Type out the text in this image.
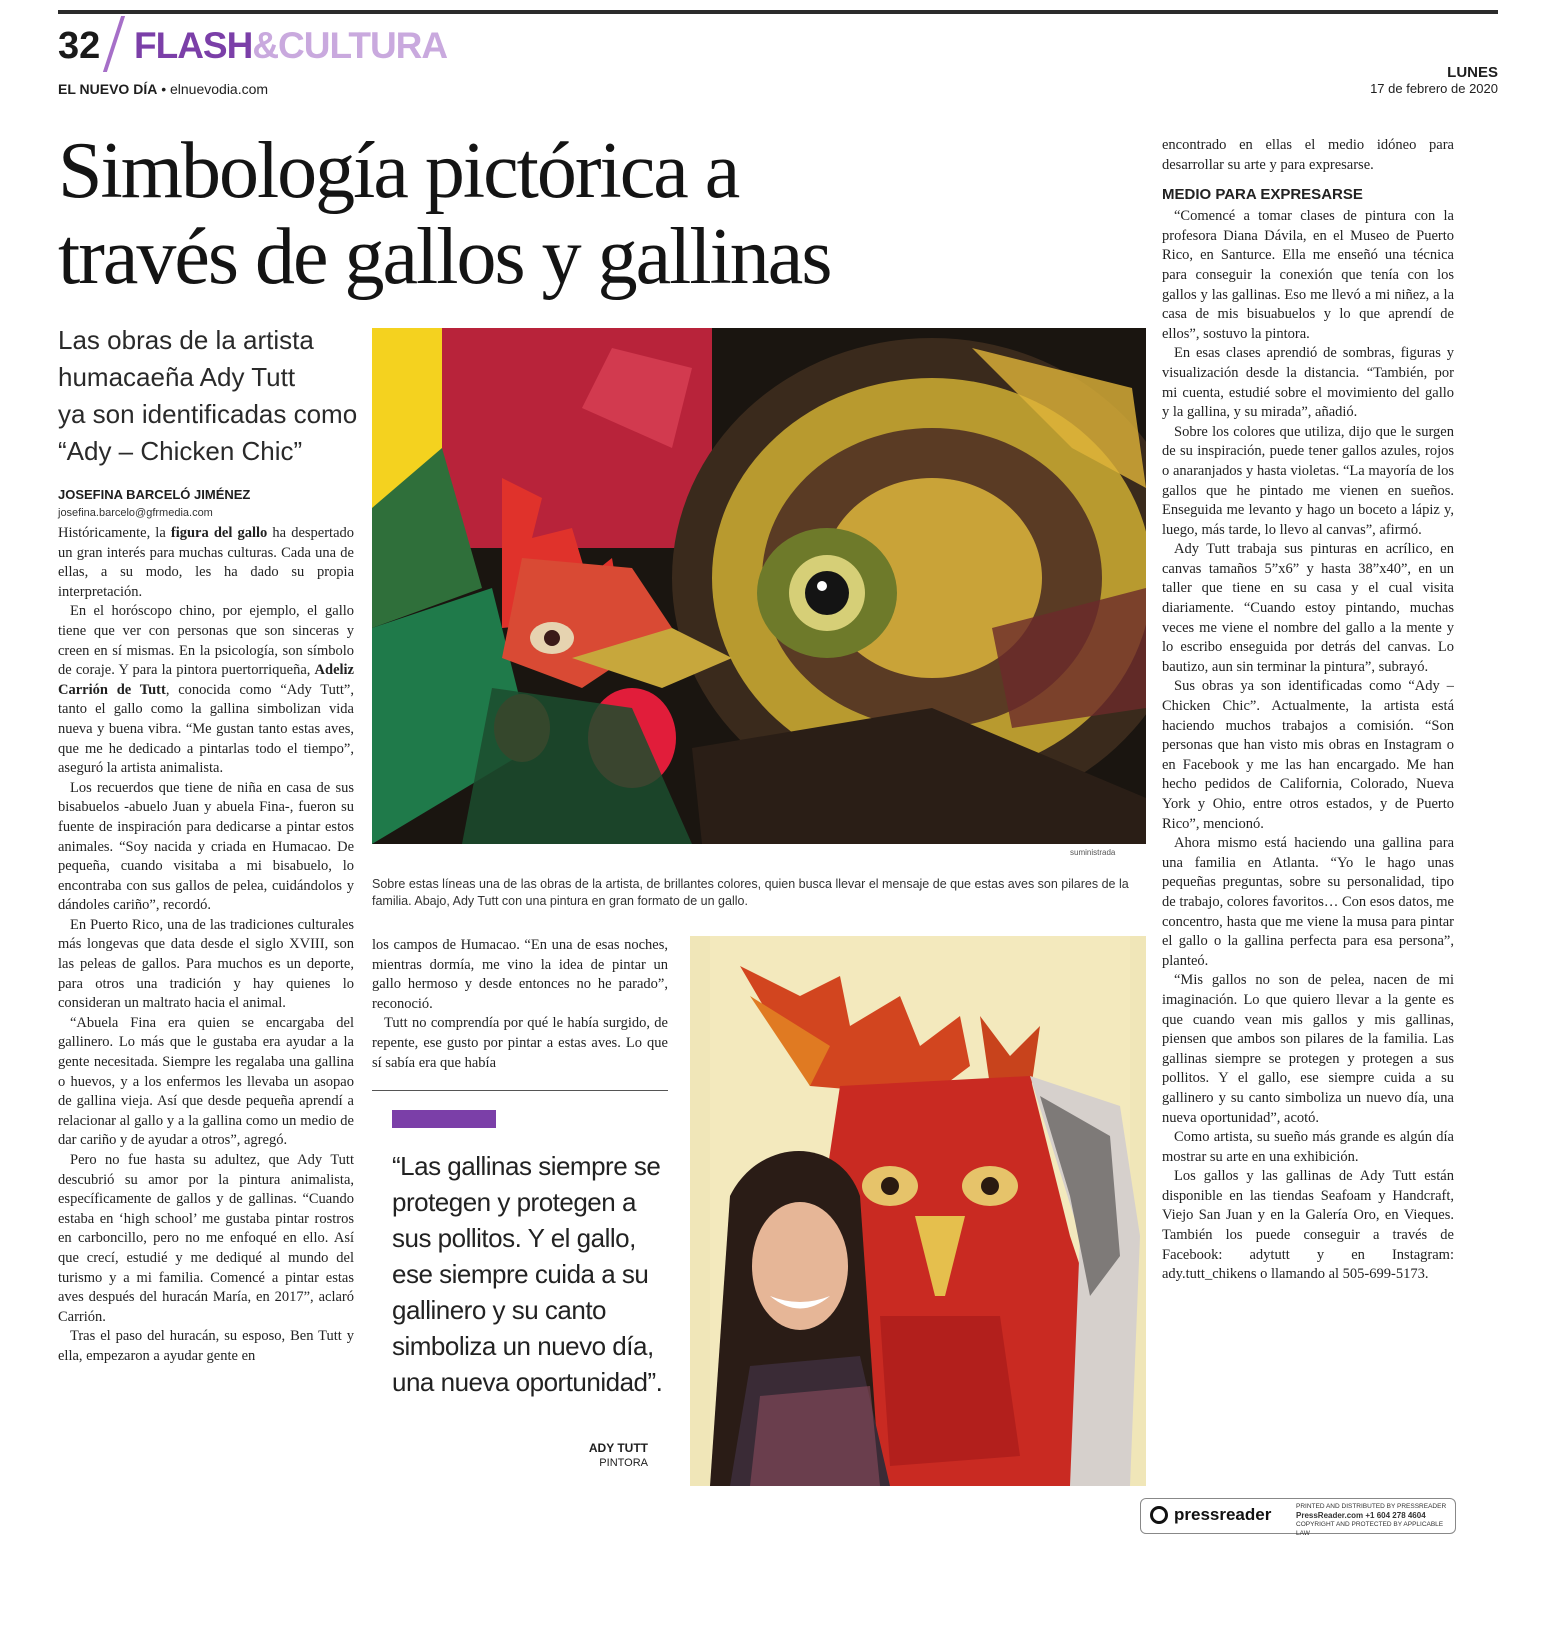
32 FLASH&CULTURA
EL NUEVO DÍA • elnuevodia.com
LUNES
17 de febrero de 2020
Simbología pictórica a
través de gallos y gallinas
Las obras de la artista
humacaeña Ady Tutt
ya son identificadas como
“Ady – Chicken Chic”
JOSEFINA BARCELÓ JIMÉNEZ
josefina.barcelo@gfrmedia.com

Históricamente, la figura del gallo ha despertado un gran interés para muchas culturas. Cada una de ellas, a su modo, les ha dado su propia interpretación.

En el horóscopo chino, por ejemplo, el gallo tiene que ver con personas que son sinceras y creen en sí mismas. En la psicología, son símbolo de coraje. Y para la pintora puertorriqueña, Adeliz Carrión de Tutt, conocida como “Ady Tutt”, tanto el gallo como la gallina simbolizan vida nueva y buena vibra. “Me gustan tanto estas aves, que me he dedicado a pintarlas todo el tiempo”, aseguró la artista animalista.

Los recuerdos que tiene de niña en casa de sus bisabuelos -abuelo Juan y abuela Fina-, fueron su fuente de inspiración para dedicarse a pintar estos animales. “Soy nacida y criada en Humacao. De pequeña, cuando visitaba a mi bisabuelo, lo encontraba con sus gallos de pelea, cuidándolos y dándoles cariño”, recordó.

En Puerto Rico, una de las tradiciones culturales más longevas que data desde el siglo XVIII, son las peleas de gallos. Para muchos es un deporte, para otros una tradición y hay quienes lo consideran un maltrato hacia el animal.

“Abuela Fina era quien se encargaba del gallinero. Lo más que le gustaba era ayudar a la gente necesitada. Siempre les regalaba una gallina o huevos, y a los enfermos les llevaba un asopao de gallina vieja. Así que desde pequeña aprendí a relacionar al gallo y a la gallina como un medio de dar cariño y de ayudar a otros”, agregó.

Pero no fue hasta su adultez, que Ady Tutt descubrió su amor por la pintura animalista, específicamente de gallos y de gallinas. “Cuando estaba en ‘high school’ me gustaba pintar rostros en carboncillo, pero no me enfoqué en ello. Así que crecí, estudié y me dediqué al mundo del turismo y a mi familia. Comencé a pintar estas aves después del huracán María, en 2017”, aclaró Carrión.

Tras el paso del huracán, su esposo, Ben Tutt y ella, empezaron a ayudar gente en

suministrada
Sobre estas líneas una de las obras de la artista, de brillantes colores, quien busca llevar el mensaje de que estas aves son pilares de la familia. Abajo, Ady Tutt con una pintura en gran formato de un gallo.

los campos de Humacao. “En una de esas noches, mientras dormía, me vino la idea de pintar un gallo hermoso y desde entonces no he parado”, reconoció.

Tutt no comprendía por qué le había surgido, de repente, ese gusto por pintar a estas aves. Lo que sí sabía era que había

“Las gallinas siempre se protegen y protegen a sus pollitos. Y el gallo, ese siempre cuida a su gallinero y su canto simboliza un nuevo día, una nueva oportunidad”.
ADY TUTT
PINTORA

encontrado en ellas el medio idóneo para desarrollar su arte y para expresarse.

MEDIO PARA EXPRESARSE

“Comencé a tomar clases de pintura con la profesora Diana Dávila, en el Museo de Puerto Rico, en Santurce. Ella me enseñó una técnica para conseguir la conexión que tenía con los gallos y las gallinas. Eso me llevó a mi niñez, a la casa de mis bisuabuelos y lo que aprendí de ellos”, sostuvo la pintora.

En esas clases aprendió de sombras, figuras y visualización desde la distancia. “También, por mi cuenta, estudié sobre el movimiento del gallo y la gallina, y su mirada”, añadió.

Sobre los colores que utiliza, dijo que le surgen de su inspiración, puede tener gallos azules, rojos o anaranjados y hasta violetas. “La mayoría de los gallos que he pintado me vienen en sueños. Enseguida me levanto y hago un boceto a lápiz y, luego, más tarde, lo llevo al canvas”, afirmó.

Ady Tutt trabaja sus pinturas en acrílico, en canvas tamaños 5”x6” y hasta 38”x40”, en un taller que tiene en su casa y el cual visita diariamente. “Cuando estoy pintando, muchas veces me viene el nombre del gallo a la mente y lo escribo enseguida por detrás del canvas. Lo bautizo, aun sin terminar la pintura”, subrayó.

Sus obras ya son identificadas como “Ady – Chicken Chic”. Actualmente, la artista está haciendo muchos trabajos a comisión. “Son personas que han visto mis obras en Instagram o en Facebook y me las han encargado. Me han hecho pedidos de California, Colorado, Nueva York y Ohio, entre otros estados, y de Puerto Rico”, mencionó.

Ahora mismo está haciendo una gallina para una familia en Atlanta. “Yo le hago unas pequeñas preguntas, sobre su personalidad, tipo de trabajo, colores favoritos… Con esos datos, me concentro, hasta que me viene la musa para pintar el gallo o la gallina perfecta para esa persona”, planteó.

“Mis gallos no son de pelea, nacen de mi imaginación. Lo que quiero llevar a la gente es que cuando vean mis gallos y mis gallinas, piensen que ambos son pilares de la familia. Las gallinas siempre se protegen y protegen a sus pollitos. Y el gallo, ese siempre cuida a su gallinero y su canto simboliza un nuevo día, una nueva oportunidad”, acotó.

Como artista, su sueño más grande es algún día mostrar su arte en una exhibición.

Los gallos y las gallinas de Ady Tutt están disponible en las tiendas Seafoam y Handcraft, Viejo San Juan y en la Galería Oro, en Vieques. También los puede conseguir a través de Facebook: adytutt y en Instagram: ady.tutt_chikens o llamando al 505-699-5173.

pressreader	PRINTED AND DISTRIBUTED BY PRESSREADER
PressReader.com +1 604 278 4604
COPYRIGHT AND PROTECTED BY APPLICABLE LAW
